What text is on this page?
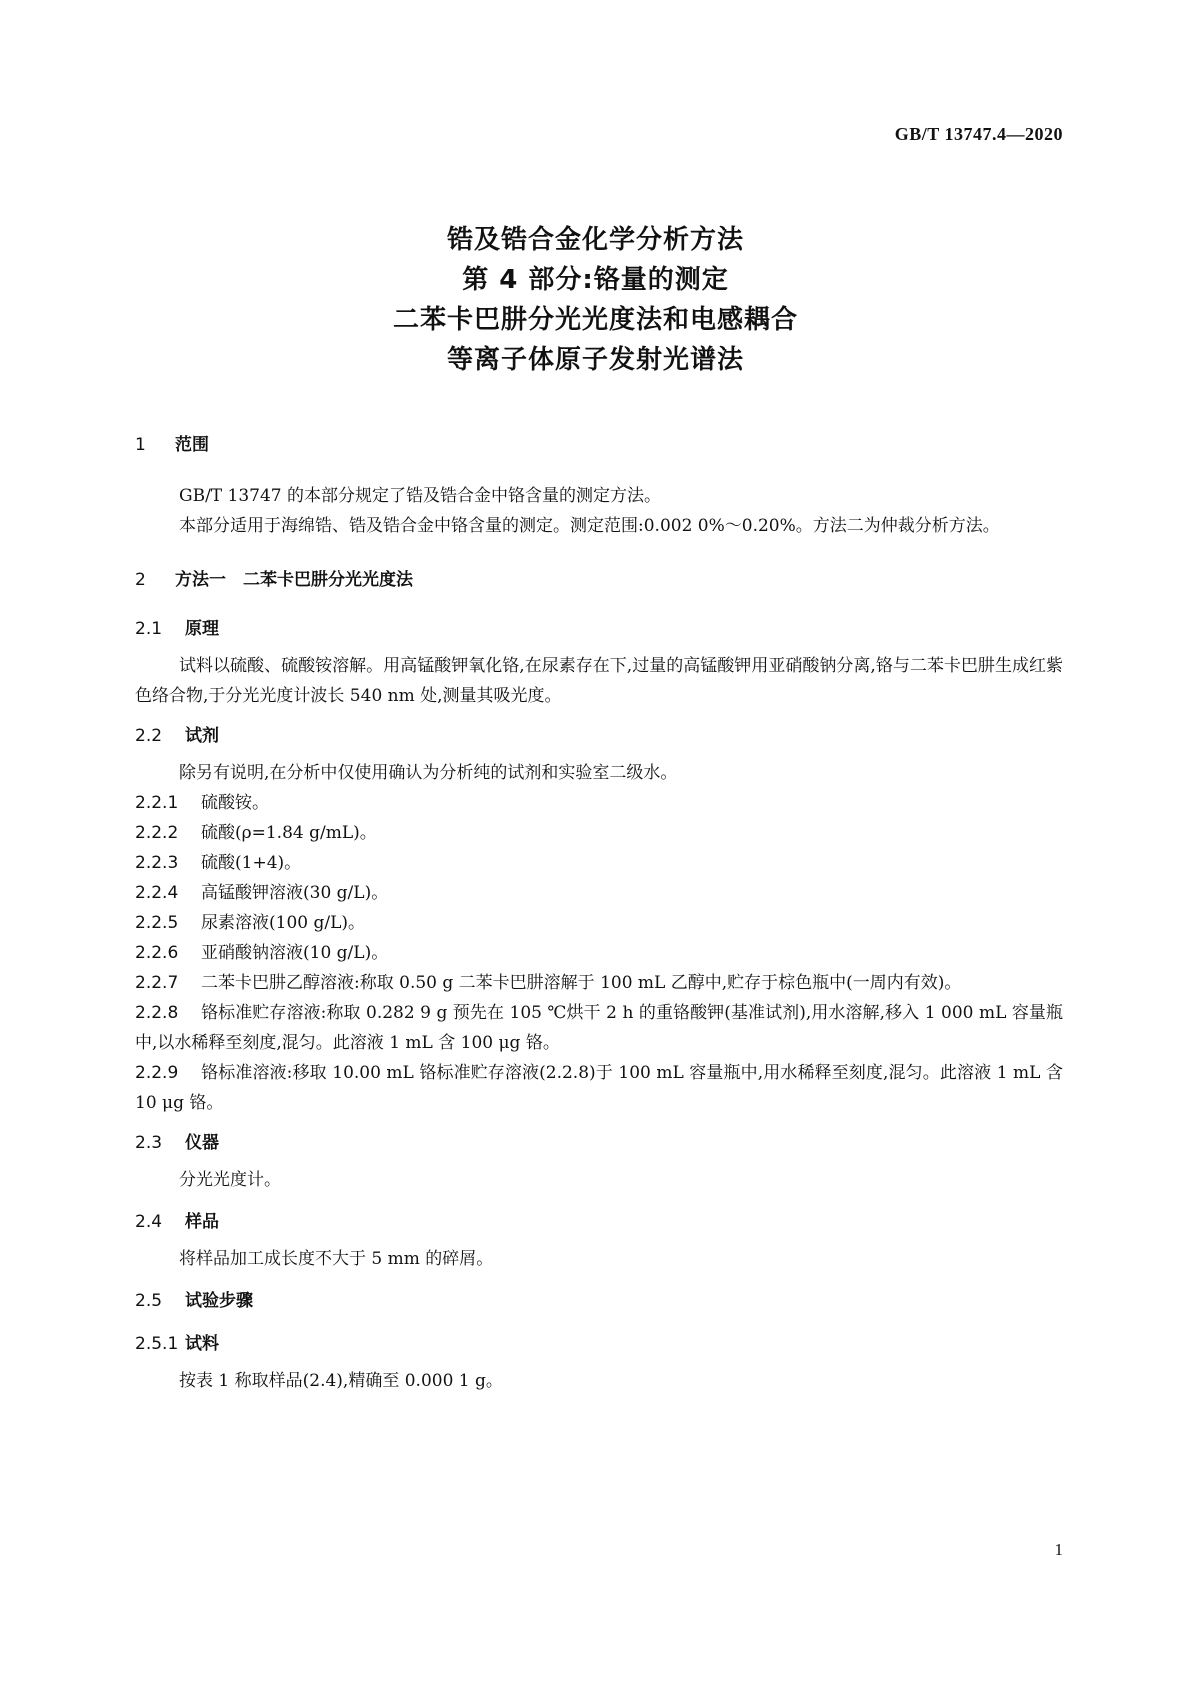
GB/T 13747.4—2020
锆及锆合金化学分析方法
第 4 部分:铬量的测定
二苯卡巴肼分光光度法和电感耦合
等离子体原子发射光谱法
1 范围
GB/T 13747 的本部分规定了锆及锆合金中铬含量的测定方法。
本部分适用于海绵锆、锆及锆合金中铬含量的测定。测定范围:0.002 0%～0.20%。方法二为仲裁分析方法。
2 方法一　二苯卡巴肼分光光度法
2.1 原理
试料以硫酸、硫酸铵溶解。用高锰酸钾氧化铬,在尿素存在下,过量的高锰酸钾用亚硝酸钠分离,铬与二苯卡巴肼生成红紫色络合物,于分光光度计波长 540 nm 处,测量其吸光度。
2.2 试剂
除另有说明,在分析中仅使用确认为分析纯的试剂和实验室二级水。
2.2.1 硫酸铵。
2.2.2 硫酸(ρ=1.84 g/mL)。
2.2.3 硫酸(1+4)。
2.2.4 高锰酸钾溶液(30 g/L)。
2.2.5 尿素溶液(100 g/L)。
2.2.6 亚硝酸钠溶液(10 g/L)。
2.2.7 二苯卡巴肼乙醇溶液:称取 0.50 g 二苯卡巴肼溶解于 100 mL 乙醇中,贮存于棕色瓶中(一周内有效)。
2.2.8 铬标准贮存溶液:称取 0.282 9 g 预先在 105 ℃烘干 2 h 的重铬酸钾(基准试剂),用水溶解,移入 1 000 mL 容量瓶中,以水稀释至刻度,混匀。此溶液 1 mL 含 100 μg 铬。
2.2.9 铬标准溶液:移取 10.00 mL 铬标准贮存溶液(2.2.8)于 100 mL 容量瓶中,用水稀释至刻度,混匀。此溶液 1 mL 含 10 μg 铬。
2.3 仪器
分光光度计。
2.4 样品
将样品加工成长度不大于 5 mm 的碎屑。
2.5 试验步骤
2.5.1 试料
按表 1 称取样品(2.4),精确至 0.000 1 g。
1
